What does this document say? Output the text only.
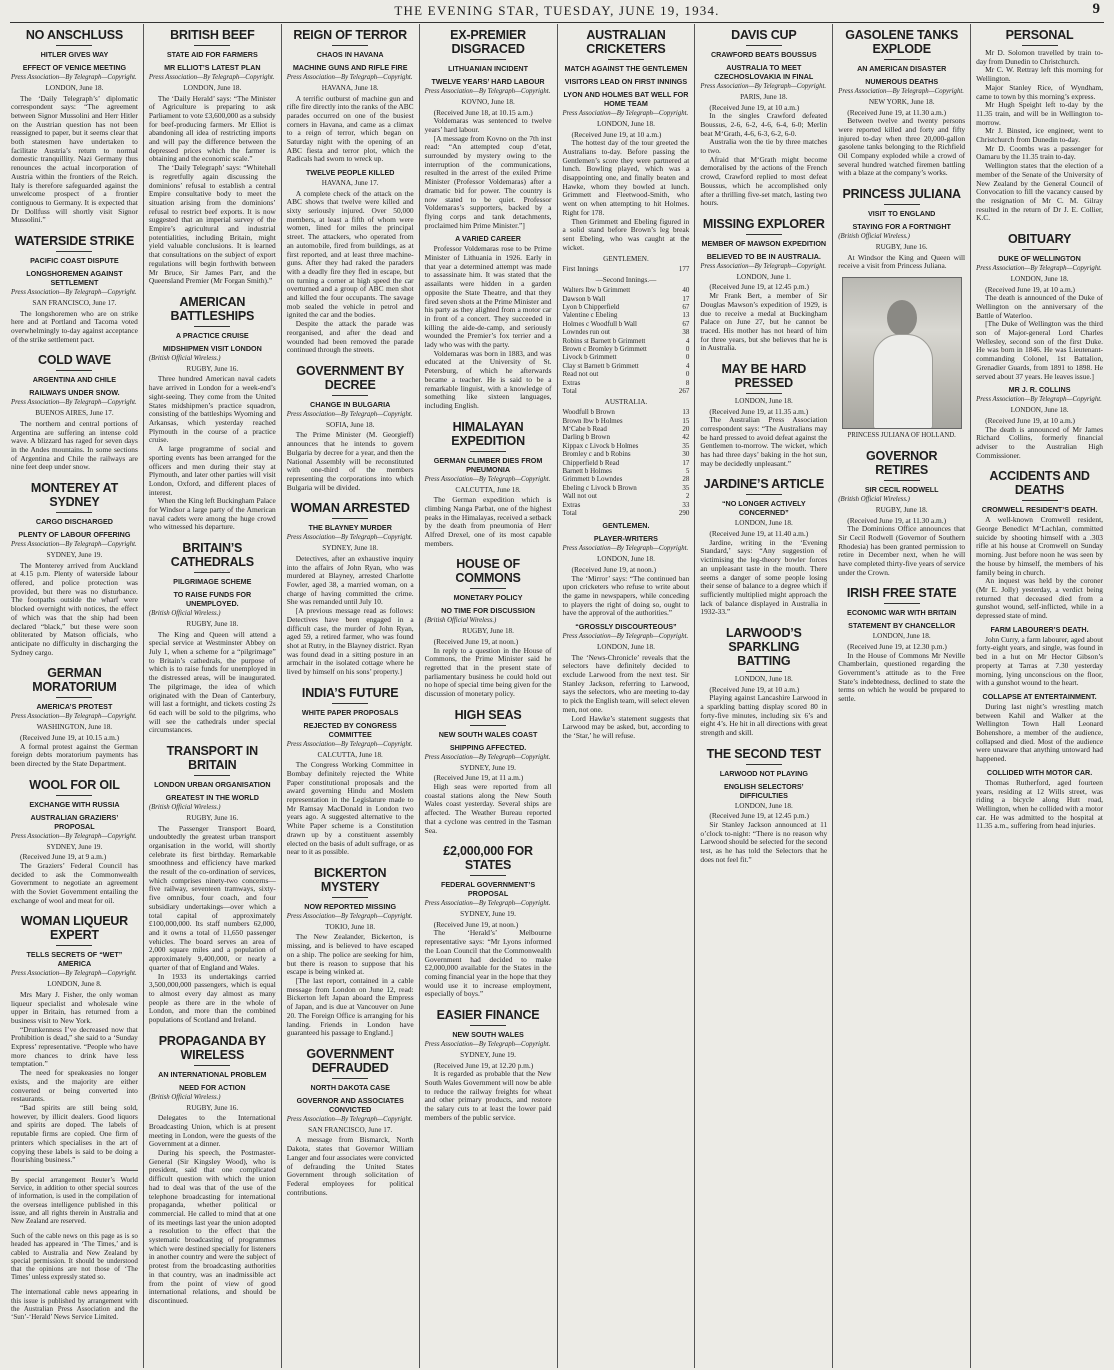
THE EVENING STAR, TUESDAY, JUNE 19, 1934.	9
NO ANSCHLUSS
HITLER GIVES WAY
EFFECT OF VENICE MEETING
Press Association—By Telegraph—Copyright.
LONDON, June 18.

The ‘Daily Telegraph’s’ diplomatic correspondent says: “The agreement between Signor Mussolini and Herr Hitler on the Austrian question has not been reassigned to paper, but it seems clear that both statesmen have undertaken to facilitate Austria’s return to normal domestic tranquillity. Nazi Germany thus renounces the actual incorporation of Austria within the frontiers of the Reich. Italy is therefore safeguarded against the unwelcome prospect of a frontier contiguous to Germany. It is expected that Dr Dollfuss will shortly visit Signor Mussolini.”

WATERSIDE STRIKE
PACIFIC COAST DISPUTE
LONGSHOREMEN AGAINST SETTLEMENT
Press Association—By Telegraph—Copyright.
SAN FRANCISCO, June 17.

The longshoremen who are on strike here and at Portland and Tacoma voted overwhelmingly to-day against acceptance of the strike settlement pact.

COLD WAVE
ARGENTINA AND CHILE
RAILWAYS UNDER SNOW.
Press Association—By Telegraph—Copyright.
BUENOS AIRES, June 17.

The northern and central portions of Argentina are suffering an intense cold wave. A blizzard has raged for seven days in the Andes mountains. In some sections of Argentina and Chile the railways are nine feet deep under snow.

MONTEREY AT SYDNEY
CARGO DISCHARGED
PLENTY OF LABOUR OFFERING
Press Association—By Telegraph—Copyright.
SYDNEY, June 19.

The Monterey arrived from Auckland at 4.15 p.m. Plenty of waterside labour offered, and police protection was provided, but there was no disturbance. The footpaths outside the wharf were blocked overnight with notices, the effect of which was that the ship had been declared “black,” but these were soon obliterated by Matson officials, who anticipate no difficulty in discharging the Sydney cargo.

GERMAN MORATORIUM
AMERICA’S PROTEST
Press Association—By Telegraph—Copyright.
WASHINGTON, June 18.

(Received June 19, at 10.15 a.m.)

A formal protest against the German foreign debts moratorium payments has been directed by the State Department.

WOOL FOR OIL
EXCHANGE WITH RUSSIA
AUSTRALIAN GRAZIERS’ PROPOSAL
Press Association—By Telegraph—Copyright.
SYDNEY, June 19.

(Received June 19, at 9 a.m.)

The Graziers’ Federal Council has decided to ask the Commonwealth Government to negotiate an agreement with the Soviet Government entailing the exchange of wool and meat for oil.

WOMAN LIQUEUR EXPERT
TELLS SECRETS OF “WET” AMERICA
Press Association—By Telegraph—Copyright.
LONDON, June 8.

Mrs Mary J. Fisher, the only woman liqueur specialist and wholesale wine upper in Britain, has returned from a business visit to New York.

“Drunkenness I’ve decreased now that Prohibition is dead,” she said to a ‘Sunday Express’ representative. “People who have more chances to drink have less temptation.”

The need for speakeasies no longer exists, and the majority are either converted or being converted into restaurants.

“Bad spirits are still being sold, however, by illicit dealers. Good liquors and spirits are doped. The labels of reputable firms are copied. One firm of printers which specialises in the art of copying these labels is said to be doing a flourishing business.”

By special arrangement Reuter’s World Service, in addition to other special sources of information, is used in the compilation of the overseas intelligence published in this issue, and all rights therein in Australia and New Zealand are reserved.

Such of the cable news on this page as is so headed has appeared in ‘The Times,’ and is cabled to Australia and New Zealand by special permission. It should be understood that the opinions are not those of ‘The Times’ unless expressly stated so.

The international cable news appearing in this issue is published by arrangement with the Australian Press Association and the ‘Sun’-‘Herald’ News Service Limited.

BRITISH BEEF
STATE AID FOR FARMERS
MR ELLIOT’S LATEST PLAN
Press Association—By Telegraph—Copyright.
LONDON, June 18.

The ‘Daily Herald’ says: “The Minister of Agriculture is preparing to ask Parliament to vote £3,600,000 as a subsidy for beef-producing farmers. Mr Elliot is abandoning all idea of restricting imports and will pay the difference between the depressed prices which the farmer is obtaining and the economic scale.”

The ‘Daily Telegraph’ says: “Whitehall is regretfully again discussing the dominions’ refusal to establish a central Empire consultative body to meet the situation arising from the dominions’ refusal to restrict beef exports. It is now suggested that an imperial survey of the Empire’s agricultural and industrial potentialities, including Britain, might yield valuable conclusions. It is learned that consultations on the subject of export regulations will begin forthwith between Mr Bruce, Sir James Parr, and the Queensland Premier (Mr Forgan Smith).”

AMERICAN BATTLESHIPS
A PRACTICE CRUISE
MIDSHIPMEN VISIT LONDON
(British Official Wireless.)
RUGBY, June 16.

Three hundred American naval cadets have arrived in London for a week-end’s sight-seeing. They come from the United States midshipmen’s practice squadron, consisting of the battleships Wyoming and Arkansas, which yesterday reached Plymouth in the course of a practice cruise.

A large programme of social and sporting events has been arranged for the officers and men during their stay at Plymouth, and later other parties will visit London, Oxford, and different places of interest.

When the King left Buckingham Palace for Windsor a large party of the American naval cadets were among the huge crowd who witnessed his departure.

BRITAIN’S CATHEDRALS
PILGRIMAGE SCHEME
TO RAISE FUNDS FOR UNEMPLOYED.
(British Official Wireless.)
RUGBY, June 18.

The King and Queen will attend a special service at Westminster Abbey on July 1, when a scheme for a “pilgrimage” to Britain’s cathedrals, the purpose of which is to raise funds for unemployed in the distressed areas, will be inaugurated. The pilgrimage, the idea of which originated with the Dean of Canterbury, will last a fortnight, and tickets costing 2s 6d each will be sold to the pilgrims, who will see the cathedrals under special circumstances.

TRANSPORT IN BRITAIN
LONDON URBAN ORGANISATION
GREATEST IN THE WORLD
(British Official Wireless.)
RUGBY, June 16.

The Passenger Transport Board, undoubtedly the greatest urban transport organisation in the world, will shortly celebrate its first birthday. Remarkable smoothness and efficiency have marked the result of the co-ordination of services, which comprises ninety-two concerns—five railway, seventeen tramways, sixty-five omnibus, four coach, and four subsidiary undertakings—over which a total capital of approximately £100,000,000. Its staff numbers 62,000, and it owns a total of 11,650 passenger vehicles. The board serves an area of 2,000 square miles and a population of approximately 9,400,000, or nearly a quarter of that of England and Wales.

In 1933 its undertakings carried 3,500,000,000 passengers, which is equal to almost every day almost as many people as there are in the whole of London, and more than the combined populations of Scotland and Ireland.

PROPAGANDA BY WIRELESS
AN INTERNATIONAL PROBLEM
NEED FOR ACTION
(British Official Wireless.)
RUGBY, June 16.

Delegates to the International Broadcasting Union, which is at present meeting in London, were the guests of the Government at a dinner.

During his speech, the Postmaster-General (Sir Kingsley Wood), who is president, said that one complicated difficult question with which the union had to deal was that of the use of the telephone broadcasting for international propaganda, whether political or commercial. He called to mind that at one of its meetings last year the union adopted a resolution to the effect that the systematic broadcasting of programmes which were destined specially for listeners in another country and were the subject of protest from the broadcasting authorities in that country, was an inadmissible act from the point of view of good international relations, and should be discontinued.

REIGN OF TERROR
CHAOS IN HAVANA
MACHINE GUNS AND RIFLE FIRE
Press Association—By Telegraph—Copyright.
HAVANA, June 18.

A terrific outburst of machine gun and rifle fire directly into the ranks of the ABC parades occurred on one of the busiest corners in Havana, and came as a climax to a reign of terror, which began on Saturday night with the opening of an ABC fiesta and terror plot, which the Radicals had sworn to wreck up.

TWELVE PEOPLE KILLED
HAVANA, June 17.

A complete check of the attack on the ABC shows that twelve were killed and sixty seriously injured. Over 50,000 members, at least a fifth of whom were women, lined for miles the principal street. The attackers, who operated from an automobile, fired from buildings, as at first reported, and at least three machine-guns. After they had raked the paraders with a deadly fire they fled in escape, but on turning a corner at high speed the car overturned and a group of ABC men shot and killed the four occupants. The savage mob sealed the vehicle in petrol and ignited the car and the bodies.

Despite the attack the parade was reorganised, and after the dead and wounded had been removed the parade continued through the streets.

GOVERNMENT BY DECREE
CHANGE IN BULGARIA
Press Association—By Telegraph—Copyright.
SOFIA, June 18.

The Prime Minister (M. Georgieff) announces that he intends to govern Bulgaria by decree for a year, and then the National Assembly will be reconstituted with one-third of the members representing the corporations into which Bulgaria will be divided.

WOMAN ARRESTED
THE BLAYNEY MURDER
Press Association—By Telegraph—Copyright.
SYDNEY, June 18.

Detectives, after an exhaustive inquiry into the affairs of John Ryan, who was murdered at Blayney, arrested Charlotte Fowler, aged 38, a married woman, on a charge of having committed the crime. She was remanded until July 10.

[A previous message read as follows: Detectives have been engaged in a difficult case, the murder of John Ryan, aged 59, a retired farmer, who was found shot at Rutry, in the Blayney district. Ryan was found dead in a sitting posture in an armchair in the isolated cottage where he lived by himself on his sons’ property.]

INDIA’S FUTURE
WHITE PAPER PROPOSALS
REJECTED BY CONGRESS COMMITTEE
Press Association—By Telegraph—Copyright.
CALCUTTA, June 18.

The Congress Working Committee in Bombay definitely rejected the White Paper constitutional proposals and the award governing Hindu and Moslem representation in the Legislature made to Mr Ramsay MacDonald in London two years ago. A suggested alternative to the White Paper scheme is a Constitution drawn up by a constituent assembly elected on the basis of adult suffrage, or as near to it as possible.

BICKERTON MYSTERY
NOW REPORTED MISSING
Press Association—By Telegraph—Copyright.
TOKIO, June 18.

The New Zealander, Bickerton, is missing, and is believed to have escaped on a ship. The police are seeking for him, but there is reason to suppose that his escape is being winked at.

[The last report, contained in a cable message from London on June 12, read: Bickerton left Japan aboard the Empress of Japan, and is due at Vancouver on June 20. The Foreign Office is arranging for his landing. Friends in London have guaranteed his passage to England.]

GOVERNMENT DEFRAUDED
NORTH DAKOTA CASE
GOVERNOR AND ASSOCIATES CONVICTED
Press Association—By Telegraph—Copyright.
SAN FRANCISCO, June 17.

A message from Bismarck, North Dakota, states that Governor William Langer and four associates were convicted of defrauding the United States Government through solicitation of Federal employees for political contributions.

EX-PREMIER DISGRACED
LITHUANIAN INCIDENT
TWELVE YEARS’ HARD LABOUR
Press Association—By Telegraph—Copyright.
KOVNO, June 18.

(Received June 18, at 10.15 a.m.)

Voldemaras was sentenced to twelve years’ hard labour.

[A message from Kovno on the 7th inst read: “An attempted coup d’etat, surrounded by mystery owing to the interruption of the communications, resulted in the arrest of the exiled Prime Minister (Professor Voldemaras) after a dramatic bid for power. The country is now stated to be quiet. Professor Voldemaras’s supporters, backed by a flying corps and tank detachments, proclaimed him Prime Minister.”]

A VARIED CAREER

Professor Voldemaras rose to be Prime Minister of Lithuania in 1926. Early in that year a determined attempt was made to assassinate him. It was stated that the assailants were hidden in a garden opposite the State Theatre, and that they fired seven shots at the Prime Minister and his party as they alighted from a motor car in front of a concert. They succeeded in killing the aide-de-camp, and seriously wounded the Premier’s fox terrier and a lady who was with the party.

Voldemaras was born in 1883, and was educated at the University of St. Petersburg, of which he afterwards became a teacher. He is said to be a remarkable linguist, with a knowledge of something like sixteen languages, including English.

HIMALAYAN EXPEDITION
GERMAN CLIMBER DIES FROM PNEUMONIA
Press Association—By Telegraph—Copyright.
CALCUTTA, June 18.

The German expedition which is climbing Nanga Parbat, one of the highest peaks in the Himalayas, received a setback by the death from pneumonia of Herr Alfred Drexel, one of its most capable members.

HOUSE OF COMMONS
MONETARY POLICY
NO TIME FOR DISCUSSION
(British Official Wireless.)
RUGBY, June 18.

(Received June 19, at noon.)

In reply to a question in the House of Commons, the Prime Minister said he regretted that in the present state of parliamentary business he could hold out no hope of special time being given for the discussion of monetary policy.

HIGH SEAS
NEW SOUTH WALES COAST
SHIPPING AFFECTED.
Press Association—By Telegraph—Copyright.
SYDNEY, June 19.

(Received June 19, at 11 a.m.)

High seas were reported from all coastal stations along the New South Wales coast yesterday. Several ships are affected. The Weather Bureau reported that a cyclone was centred in the Tasman Sea.

£2,000,000 FOR STATES
FEDERAL GOVERNMENT’S PROPOSAL
Press Association—By Telegraph—Copyright.
SYDNEY, June 19.

(Received June 19, at noon.)

The ‘Herald’s’ Melbourne representative says: “Mr Lyons informed the Loan Council that the Commonwealth Government had decided to make £2,000,000 available for the States in the coming financial year in the hope that they would use it to increase employment, especially of boys.”

EASIER FINANCE
NEW SOUTH WALES
Press Association—By Telegraph—Copyright.
SYDNEY, June 19.

(Received June 19, at 12.20 p.m.)

It is regarded as probable that the New South Wales Government will now be able to reduce the railway freights for wheat and other primary products, and restore the salary cuts to at least the lower paid members of the public service.

AUSTRALIAN CRICKETERS
MATCH AGAINST THE GENTLEMEN
VISITORS LEAD ON FIRST INNINGS
LYON AND HOLMES BAT WELL FOR HOME TEAM
Press Association—By Telegraph—Copyright.
LONDON, June 18.

(Received June 19, at 10 a.m.)

The hottest day of the tour greeted the Australians to-day. Before passing the Gentlemen’s score they were partnered at lunch. Bowling played, which was a disappointing one, and finally beaten and Hawke, whom they bowled at lunch. Grimmett and Fleetwood-Smith, who went on when attempting to hit Holmes. Right for 178.

Then Grimmett and Ebeling figured in a solid stand before Brown’s leg break sent Ebeling, who was caught at the wicket.

GENTLEMEN.
First Innings	177
—Second Innings.—
Walters lbw b Grimmett	40
Dawson b Wall	17
Lyon b Chipperfield	67
Valentine c Ebeling	13
Holmes c Woodfull b Wall	67
Lowndes run out	38
Robins st Barnett b Grimmett	4
Brown c Bromley b Grimmett	0
Livock b Grimmett	0
Clay st Barnett b Grimmett	4
Read not out	0
Extras	8
Total	267
AUSTRALIA.
Woodfull b Brown	13
Brown lbw b Holmes	15
M‘Cabe b Read	20
Darling b Brown	42
Kippax c Livock b Holmes	35
Bromley c and b Robins	30
Chipperfield b Read	17
Barnett b Holmes	5
Grimmett b Lowndes	28
Ebeling c Livock b Brown	35
Wall not out	2
Extras	33
Total	290
GENTLEMEN.
PLAYER-WRITERS
Press Association—By Telegraph—Copyright.
LONDON, June 18.

(Received June 19, at noon.)

The ‘Mirror’ says: “The continued ban upon cricketers who refuse to write about the game in newspapers, while conceding to players the right of doing so, ought to have the approval of the authorities.”

“GROSSLY DISCOURTEOUS”
Press Association—By Telegraph—Copyright.
LONDON, June 18.

The ‘News-Chronicle’ reveals that the selectors have definitely decided to exclude Larwood from the next test. Sir Stanley Jackson, referring to Larwood, says the selectors, who are meeting to-day to pick the English team, will select eleven men, not one.

Lord Hawke’s statement suggests that Larwood may be asked, but, according to the ‘Star,’ he will refuse.

DAVIS CUP
CRAWFORD BEATS BOUSSUS
AUSTRALIA TO MEET CZECHOSLOVAKIA IN FINAL
Press Association—By Telegraph—Copyright.
PARIS, June 18.

(Received June 19, at 10 a.m.)

In the singles Crawford defeated Boussus, 2-6, 6-2, 4-6, 6-4, 6-0; Merlin beat M‘Grath, 4-6, 6-3, 6-2, 6-0.

Australia won the tie by three matches to two.

Afraid that M‘Grath might become demoralised by the actions of the French crowd, Crawford replied to most defeat Boussus, which he accomplished only after a thrilling five-set match, lasting two hours.

MISSING EXPLORER
MEMBER OF MAWSON EXPEDITION
BELIEVED TO BE IN AUSTRALIA.
Press Association—By Telegraph—Copyright.
LONDON, June 1.

(Received June 19, at 12.45 p.m.)

Mr Frank Bert, a member of Sir Douglas Mawson’s expedition of 1929, is due to receive a medal at Buckingham Palace on June 27, but he cannot be traced. His mother has not heard of him for three years, but she believes that he is in Australia.

MAY BE HARD PRESSED
LONDON, June 18.

(Received June 19, at 11.35 a.m.)

The Australian Press Association correspondent says: “The Australians may be hard pressed to avoid defeat against the Gentlemen to-morrow. The wicket, which has had three days’ baking in the hot sun, may be decidedly unpleasant.”

JARDINE’S ARTICLE
“NO LONGER ACTIVELY CONCERNED”
LONDON, June 18.

(Received June 19, at 11.40 a.m.)

Jardine, writing in the ‘Evening Standard,’ says: “Any suggestion of victimising the leg-theory bowler forces an unpleasant taste in the mouth. There seems a danger of some people losing their sense of balance to a degree which if sufficiently multiplied might approach the lack of balance displayed in Australia in 1932-33.”

LARWOOD’S SPARKLING BATTING
LONDON, June 18.

(Received June 19, at 10 a.m.)

Playing against Lancashire Larwood in a sparkling batting display scored 80 in forty-five minutes, including six 6’s and eight 4’s. He hit in all directions with great strength and skill.

THE SECOND TEST
LARWOOD NOT PLAYING
ENGLISH SELECTORS’ DIFFICULTIES
LONDON, June 18.

(Received June 19, at 12.45 p.m.)

Sir Stanley Jackson announced at 11 o’clock to-night: “There is no reason why Larwood should be selected for the second test, as he has told the Selectors that he does not feel fit.”

GASOLENE TANKS EXPLODE
AN AMERICAN DISASTER
NUMEROUS DEATHS
Press Association—By Telegraph—Copyright.
NEW YORK, June 18.

(Received June 19, at 11.30 a.m.)

Between twelve and twenty persons were reported killed and forty and fifty injured to-day when three 20,000-gallon gasolene tanks belonging to the Richfield Oil Company exploded while a crowd of several hundred watched firemen battling with a blaze at the company’s works.

PRINCESS JULIANA
VISIT TO ENGLAND
STAYING FOR A FORTNIGHT
(British Official Wireless.)
RUGBY, June 16.

At Windsor the King and Queen will receive a visit from Princess Juliana.

PRINCESS JULIANA OF HOLLAND.
GOVERNOR RETIRES
SIR CECIL RODWELL
(British Official Wireless.)
RUGBY, June 18.

(Received June 19, at 11.30 a.m.)

The Dominions Office announces that Sir Cecil Rodwell (Governor of Southern Rhodesia) has been granted permission to retire in December next, when he will have completed thirty-five years of service under the Crown.

IRISH FREE STATE
ECONOMIC WAR WITH BRITAIN
STATEMENT BY CHANCELLOR
LONDON, June 18.

(Received June 19, at 12.30 p.m.)

In the House of Commons Mr Neville Chamberlain, questioned regarding the Government’s attitude as to the Free State’s indebtedness, declined to state the terms on which he would be prepared to settle.

PERSONAL

Mr D. Solomon travelled by train to-day from Dunedin to Christchurch.

Mr C. W. Rettray left this morning for Wellington.

Major Stanley Rice, of Wyndham, came to town by this morning’s express.

Mr Hugh Speight left to-day by the 11.35 train, and will be in Wellington to-morrow.

Mr J. Binsted, ice engineer, went to Christchurch from Dunedin to-day.

Mr D. Coombs was a passenger for Oamaru by the 11.35 train to-day.

Wellington states that the election of a member of the Senate of the University of New Zealand by the General Council of Convocation to fill the vacancy caused by the resignation of Mr C. M. Gilray resulted in the return of Dr J. E. Collier, K.C.

OBITUARY
DUKE OF WELLINGTON
Press Association—By Telegraph—Copyright.
LONDON, June 18.

(Received June 19, at 10 a.m.)

The death is announced of the Duke of Wellington on the anniversary of the Battle of Waterloo.

[The Duke of Wellington was the third son of Major-general Lord Charles Wellesley, second son of the first Duke. He was born in 1846. He was Lieutenant-commanding Colonel, 1st Battalion, Grenadier Guards, from 1891 to 1898. He served about 37 years. He leaves issue.]

MR J. R. COLLINS
Press Association—By Telegraph—Copyright.
LONDON, June 18.

(Received June 19, at 10 a.m.)

The death is announced of Mr James Richard Collins, formerly financial adviser to the Australian High Commissioner.

ACCIDENTS AND DEATHS
CROMWELL RESIDENT’S DEATH.

A well-known Cromwell resident, George Benedict M‘Lachlan, committed suicide by shooting himself with a .303 rifle at his house at Cromwell on Sunday morning. Just before noon he was seen by the house by himself, the members of his family being in church.

An inquest was held by the coroner (Mr E. Jolly) yesterday, a verdict being returned that deceased died from a gunshot wound, self-inflicted, while in a depressed state of mind.

FARM LABOURER’S DEATH.

John Curry, a farm labourer, aged about forty-eight years, and single, was found in bed in a hut on Mr Hector Gibson’s property at Tarras at 7.30 yesterday morning, lying unconscious on the floor, with a gunshot wound to the heart.

COLLAPSE AT ENTERTAINMENT.

During last night’s wrestling match between Kahil and Walker at the Wellington Town Hall Leonard Bohenshore, a member of the audience, collapsed and died. Most of the audience were unaware that anything untoward had happened.

COLLIDED WITH MOTOR CAR.

Thomas Rutherford, aged fourteen years, residing at 12 Wills street, was riding a bicycle along Hutt road, Wellington, when he collided with a motor car. He was admitted to the hospital at 11.35 a.m., suffering from head injuries.
